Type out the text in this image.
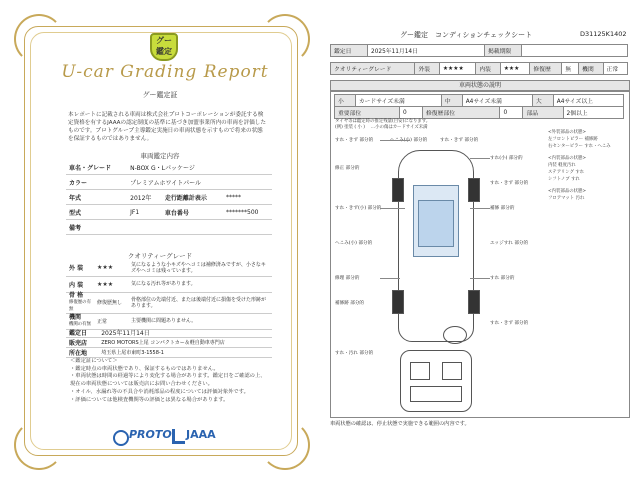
グー
鑑定
U-car Grading Report
グー鑑定証
本レポートに記載される車両は株式会社プロトコーポレーションが委託する検定資格を有するJAAAの認定制度の基準に基づき加盟事業所内の車両を評価したものです。プロトグループ主導鑑定実施日の車両状態を示すもので将来の状態を保証するものではありません。
車両鑑定内容
車名・グレード	N-BOX G・Lパッケージ		
カラー	プレミアムホワイトパール		
年式	2012年	走行距離計表示	*****
型式	JF1	車台番号	*******500
備考			
クオリティーグレード
外 装	★★★	気になるような小キズやヘコミは補修済みですが、小さなキズやヘコミは残っています。
内 装	★★★	気になる汚れ等があります。
骨 格
修復歴の有無	修復歴無し	骨格部位の先端付近、または後端付近に損傷を受けた形跡があります。
機関
機関の有無	正常	主要機関に問題ありません。
鑑定日	2025年11月14日
販売店	ZERO MOTORS上尾 コンパクトカー＆軽自動車専門店
所在地	埼玉県上尾市東町3-1558-1
＜鑑定証について＞
・鑑定時点の車両状態であり、保証するものではありません。
・車両状態は時間の経過等により変化する場合があります。鑑定日をご確認の上、現在の車両状態については販売店にお問い合わせください。
・オイル、水漏れ等の不具合や消耗部品の程度については評価対象外です。
・評価については他検査機関等の評価とは異なる場合があります。
PROTO JAAA
グー鑑定　コンディションチェックシート	D31125K1402
鑑定日	2025年11月14日	掲載期限	
クオリティーグレード	外装	★★★★	内装	★★★	修復歴	無	機関	正常
車両状態の説明
小	カードサイズ未満	中	A4サイズ未満	大	A4サイズ以上
重要部位	0	修復歴部位	0	部品	2個以上
タイヤ等は鑑定時の推定残量(目安)になります。
(例) 塗装 ( 小 ) 　…小の傷はカードサイズ未満
すれ・きず 部分的	へこみ(小) 部分的	すれ・きず 部分的
修正 部分的
すれ(小) 部分的
すれ・きず 部分的
すれ・きず(小) 部分的	補修 部分的
へこみ(小) 部分的	エッジすれ 部分的
修理 部分的	すれ 部分的
補修跡 部分的
すれ・きず 部分的
すれ・汚れ 部分的
<外装部品の状態>
左フロントピラー 補修跡
右センターピラー すれ・へこみ
<内装部品の状態>
内装 軽度汚れ
ステアリング すれ
シフトノブ すれ
<内装部品の状態>
フロアマット 汚れ
車両状態の確認は、停止状態で実施できる範囲の内容です。
